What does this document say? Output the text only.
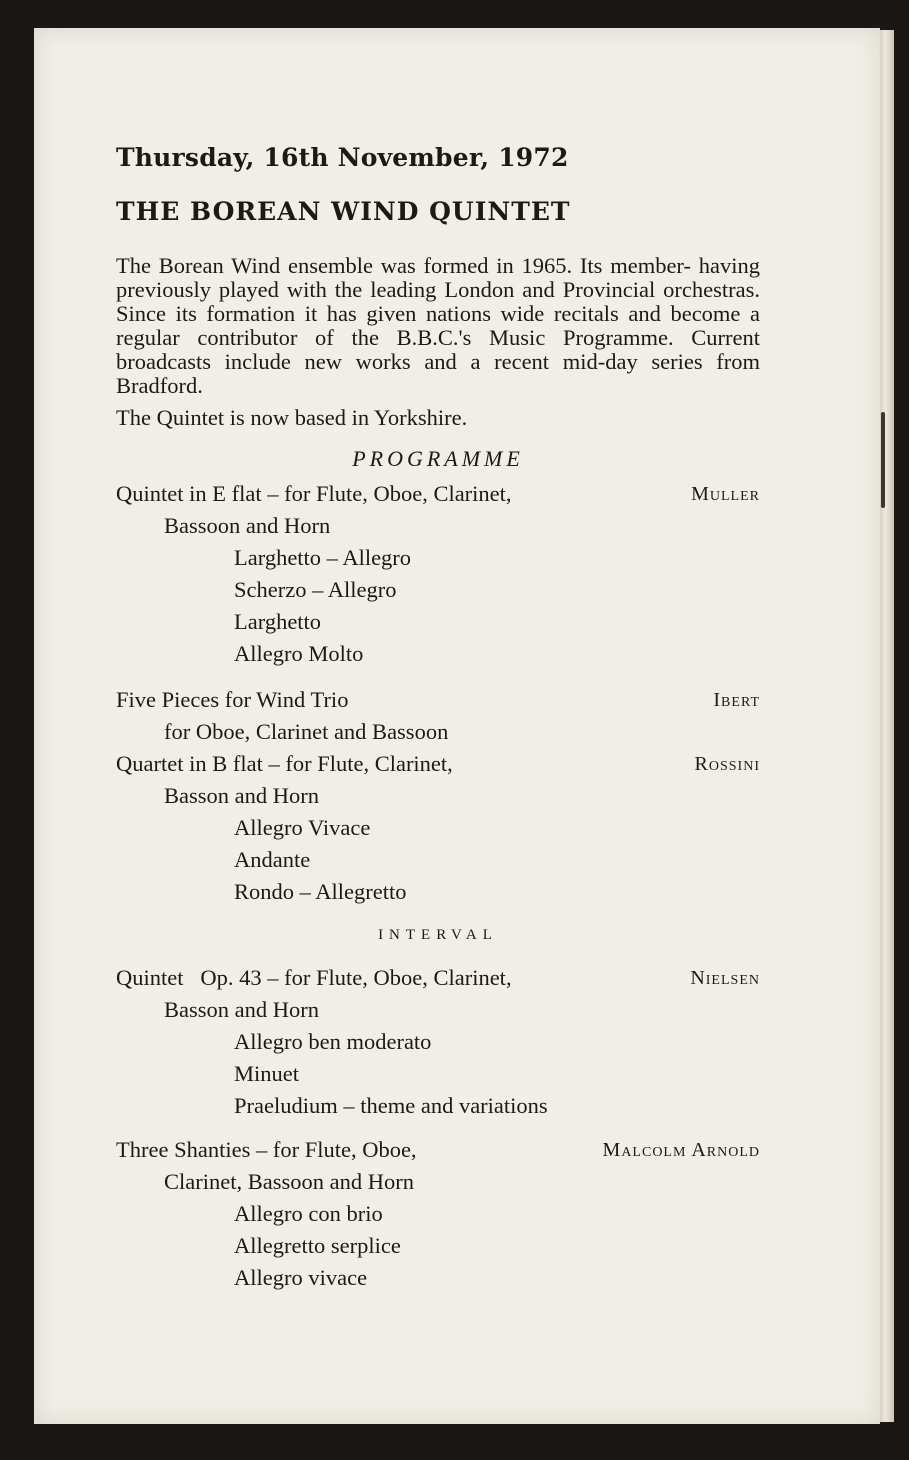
Thursday, 16th November, 1972
THE BOREAN WIND QUINTET

The Borean Wind ensemble was formed in 1965. Its member- having previously played with the leading London and Provincial orchestras. Since its formation it has given nations wide recitals and become a regular contributor of the B.B.C.'s Music Programme. Current broadcasts include new works and a recent mid-day series from Bradford.

The Quintet is now based in Yorkshire.

PROGRAMME
Quintet in E flat – for Flute, Oboe, Clarinet,
Bassoon and Horn
Muller
Larghetto – Allegro
Scherzo – Allegro
Larghetto
Allegro Molto
Five Pieces for Wind Trio
for Oboe, Clarinet and Bassoon
Ibert
Quartet in B flat – for Flute, Clarinet,
Basson and Horn
Rossini
Allegro Vivace
Andante
Rondo – Allegretto
INTERVAL
Quintet   Op. 43 – for Flute, Oboe, Clarinet,
Basson and Horn
Nielsen
Allegro ben moderato
Minuet
Praeludium – theme and variations
Three Shanties – for Flute, Oboe,
Clarinet, Bassoon and Horn
Malcolm Arnold
Allegro con brio
Allegretto serplice
Allegro vivace
